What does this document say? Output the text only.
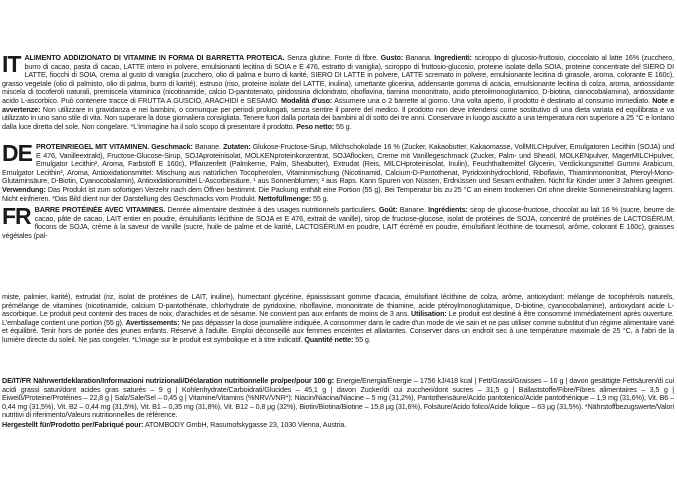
IT ALIMENTO ADDIZIONATO DI VITAMINE IN FORMA DI BARRETTA PROTEICA. Senza glutine. Fonte di fibre. Gusto: Banana. Ingredienti: sciroppo di glucosio-fruttosio, cioccolato al latte 16% (zucchero, burro di cacao, pasta di cacao, LATTE intero in polvere, emulsionanti lecitina di SOIA e E 476, estratto di vaniglia), sciroppo di fruttosio-glucosio, proteine isolate della SOIA, proteine concentrate del SIERO DI LATTE, fiocchi di SOIA, crema al gusto di vaniglia (zucchero, olio di palma e burro di karité, SIERO DI LATTE in polvere, LATTE scremato in polvere, emulsionante lecitina di girasole, aroma, colorante E 160c), grasso vegetale (olio di palmisto, olio di palma, burro di karité), estruso (riso, proteine isolate del LATTE, inulina), umettante glicerina, addensante gomma di acacia, emulsionante lecitina di colza, aroma, antiossidante miscela di tocoferoli naturali, premiscela vitaminica (nicotinamide, calcio D-pantotenato, piridossina dicloridrato, riboflavina, tiamina mononitrato, acido pteroilmonoglutamico, D-biotina, cianocobalamina), antiossidante acido L-ascorbico. Può contenere tracce di FRUTTA A GUSCIO, ARACHIDI e SESAMO. Modalità d'uso: Assumere una o 2 barrette al giorno. Una volta aperto, il prodotto è destinato al consumo immediato. Note e avvertenze: Non utilizzare in gravidanza e nei bambini, o comunque per periodi prolungati, senza sentire il parere del medico. Il prodotto non deve intendersi come sostitutivo di una dieta variata ed equilibrata e va utilizzato in uno sano stile di vita. Non superare la dose giornaliera consigliata. Tenere fuori dalla portata dei bambini al di sotto dei tre anni. Conservare in luogo asciutto a una temperatura non superiore a 25 °C e lontano dalla luce diretta del sole. Non congelare. *L'immagine ha il solo scopo di presentare il prodotto. Peso netto: 55 g.
DE PROTEINRIEGEL MIT VITAMINEN. Geschmack: Banane. Zutaten: Glukose-Fructose-Sirup, Milchschokolade 16 % (Zucker, Kakaobutter, Kakaomasse, VollMILCHpulver, Emulgatoren Lecithin (SOJA) und E 476, Vanilleextrakt), Fructose-Glucose-Sirup, SOJAproteinisolat, MOLKENproteinkonzentrat, SOJAflocken, Creme mit Vanillegeschmack (Zucker, Palm- und Sheaöl, MOLKENpulver, MagerMILCHpulver, Emulgator Lecithin², Aroma, Farbstoff E 160c), Pflanzenfett (Palmkerne, Palm, Sheabutter), Extrudat (Reis, MILCHproteinisolat, Inulin), Feuchthaltemittel Glycerin, Verdickungsmittel Gummi Arabicum, Emulgator Lecithin², Aroma, Antioxidationsmittel: Mischung aus natürlichen Tocopherolen, Vitaminmischung (Nicotinamid, Calcium-D-Pantothenat, Pyridoxinhydrochlorid, Riboflavin, Thiaminmononitrat, Pteroyl-Mono-Glutaminsäure, D-Biotin, Cyanocobalamin), Antioxidationsmittel L-Ascorbinsäure. ¹ aus Sonnenblumen; ² aus Raps. Kann Spuren von Nüssen, Erdnüssen und Sesam enthalten. Nicht für Kinder unter 3 Jahren geeignet. Verwendung: Das Produkt ist zum sofortigen Verzehr nach dem Öffnen bestimmt. Die Packung enthält eine Portion (55 g). Bei Temperatur bis zu 25 °C an einem trockenen Ort ohne direkte Sonneneinstrahlung lagern. Nicht einfrieren. *Das Bild dient nur der Darstellung des Geschmacks vom Produkt. Nettofüllmenge: 55 g.
FR BARRE PROTÉINÉE AVEC VITAMINES. Denrée alimentaire destinée à des usages nutritionnels particuliers. Goût: Banane. Ingrédients: sirop de glucose-fructose, chocolat au lait 16 % (sucre, beurre de cacao, pâte de cacao, LAIT entier en poudre, émulsifiants lécithine de SOJA et E 476, extrait de vanille), sirop de fructose-glucose, isolat de protéines de SOJA, concentré de protéines de LACTOSÉRUM, flocons de SOJA, crème à la saveur de vanille (sucre, huile de palme et de karité, LACTOSÉRUM en poudre, LAIT écrémé en poudre, émulsifiant lécithine de tournesol, arôme, colorant E 160c), graisses végétales (pal-
miste, palmier, karité), extrudat (riz, isolat de protéines de LAIT, inuline), humectant glycérine, épaississant gomme d'acacia, émulsifiant lécithine de colza, arôme, antioxydant: mélange de tocophérols naturels, prémélange de vitamines (nicotinamide, calcium D-pantothénate, chlorhydrate de pyridoxine, riboflavine, mononitrate de thiamine, acide ptéroylmonoglutamique, D-biotine, cyanocobalamine), antioxydant acide L-ascorbique. Le produit peut contenir des traces de noix, d'arachides et de sésame. Ne convient pas aux enfants de moins de 3 ans. Utilisation: Le produit est destiné à être consommé immédiatement après ouverture. L'emballage contient une portion (55 g). Avertissements: Ne pas dépasser la dose journalière indiquée. A consommer dans le cadre d'un mode de vie sain et ne pas utiliser comme substitut d'un régime alimentaire varié et équilibré. Tenir hors de portée des jeunes enfants. Réservé à l'adulte. Emploi déconseillé aux femmes enceintes et allaitantes. Conserver dans un endroit sec à une température maximale de 25 °C, à l'abri de la lumière directe du soleil. Ne pas congeler. *L'image sur le produit est symbolique et à titre indicatif. Quantité nette: 55 g.
DE/IT/FR Nährwertdeklaration/Informazioni nutrizionali/Déclaration nutritionnelle pro/per/pour 100 g: Energie/Energia/Énergie – 1756 kJ/418 kcal | Fett/Grassi/Graisses – 16 g | davon gesättigte Fettsäuren/di cui acidi grassi saturi/dont acides gras saturés – 9 g | Kohlenhydrate/Carboidrati/Glucides – 45,1 g | davon Zucker/di cui zuccheri/dont sucres – 31,5 g | Ballaststoffe/Fibre/Fibres alimentaires – 3,5 g | Eiweiß/Proteine/Protéines – 22,8 g | Salz/Sale/Sel – 0,45 g | Vitamine/Vitamins (%NRV/VNR*): Niacin/Niacina/Niacine – 5 mg (31,2%), Pantothensäure/Acido pantotenico/Acide pantothénique – 1,9 mg (31,6%), Vit. B6 – 0,44 mg (31,5%), Vit. B2 – 0,44 mg (31,5%), Vit. B1 – 0,35 mg (31,8%), Vit. B12 – 0,8 µg (32%), Biotin/Biotina/Biotine – 15,8 µg (31,6%), Folsäure/Acido folico/Acide folique – 63 µg (31,5%). *Nährstoffbezugswerte/Valori nutritivi di riferimento/Valeurs nutritionnelles de référence.
Hergestellt für/Prodotto per/Fabriqué pour: ATOMBODY GmbH, Rasumofskygasse 23, 1030 Vienna, Austria.
